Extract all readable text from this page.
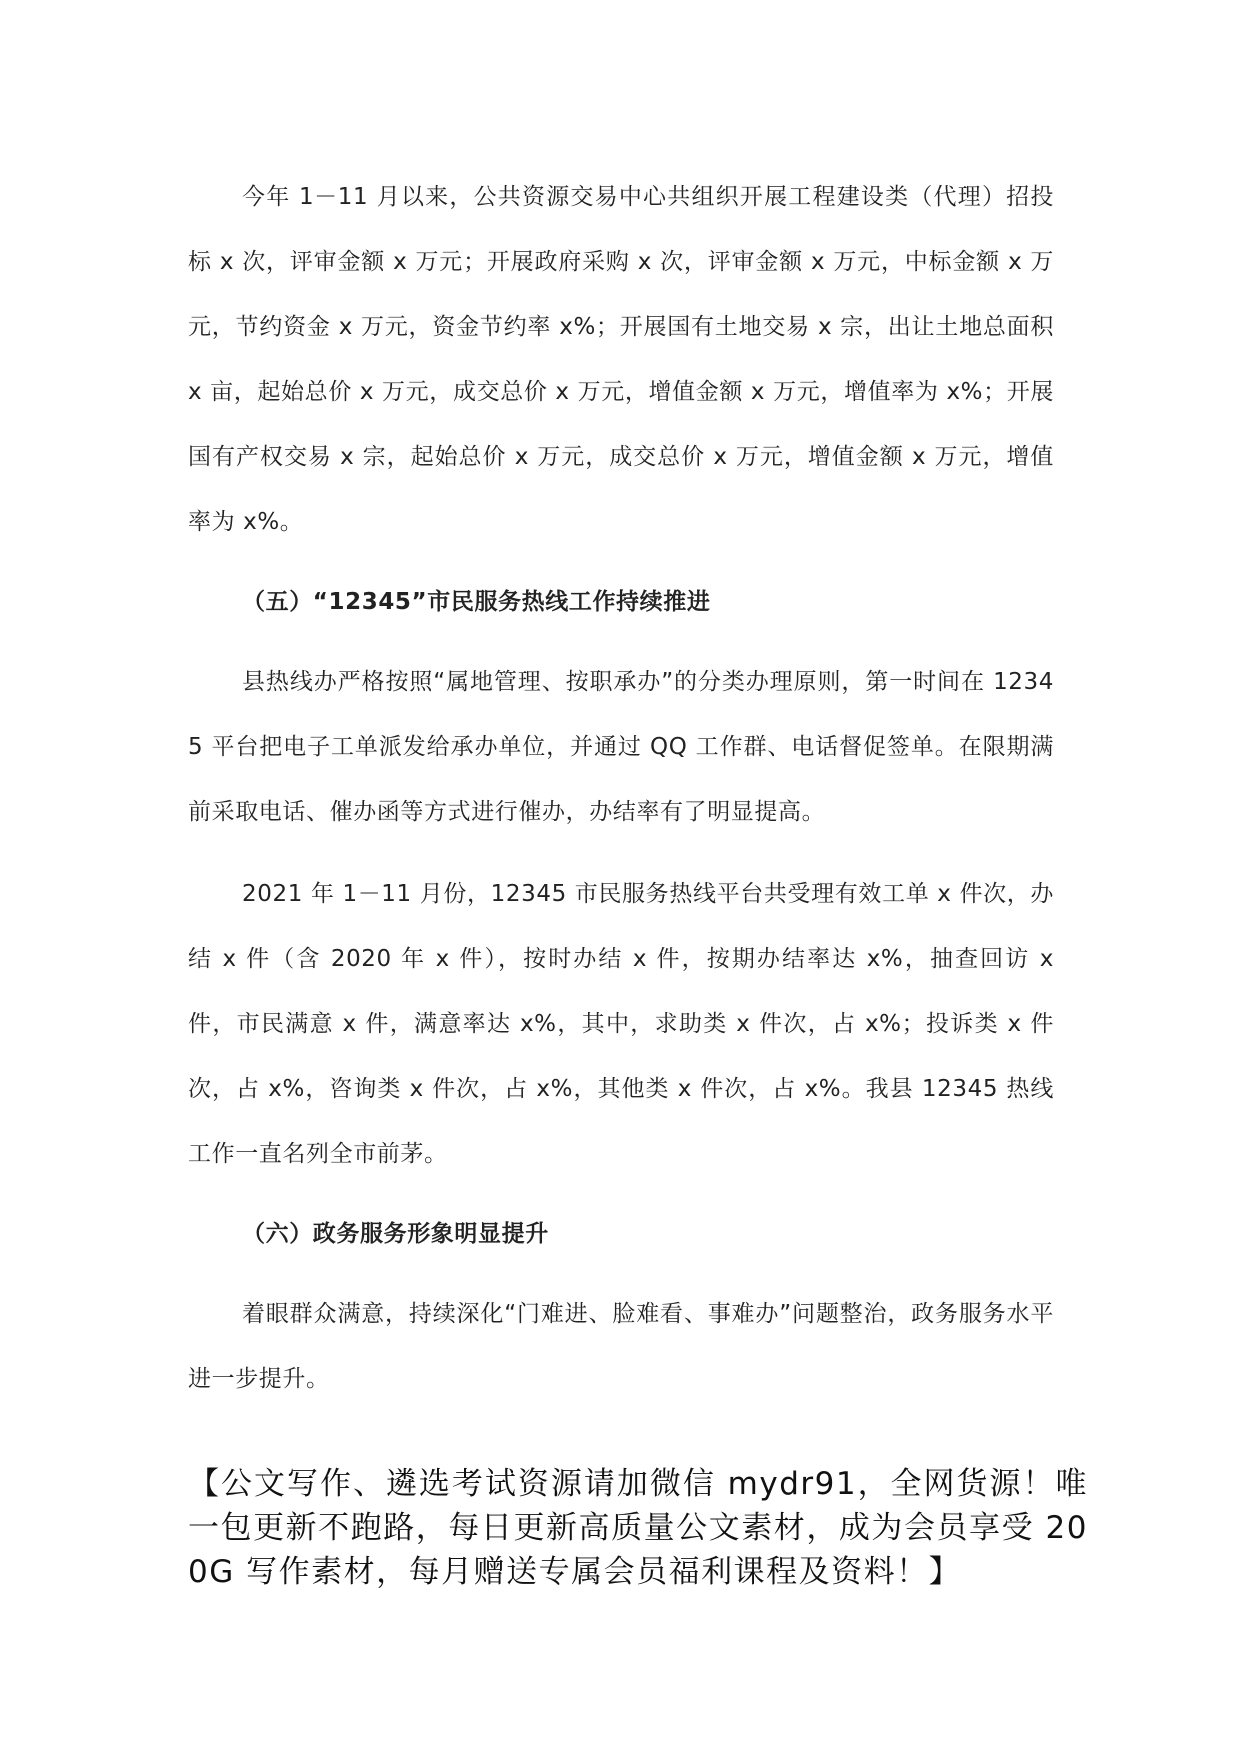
今年 1－11 月以来，公共资源交易中心共组织开展工程建设类（代理）招投标 x 次，评审金额 x 万元；开展政府采购 x 次，评审金额 x 万元，中标金额 x 万元，节约资金 x 万元，资金节约率 x%；开展国有土地交易 x 宗，出让土地总面积 x 亩，起始总价 x 万元，成交总价 x 万元，增值金额 x 万元，增值率为 x%；开展国有产权交易 x 宗，起始总价 x 万元，成交总价 x 万元，增值金额 x 万元，增值率为 x%。

（五）“12345”市民服务热线工作持续推进

县热线办严格按照“属地管理、按职承办”的分类办理原则，第一时间在 12345 平台把电子工单派发给承办单位，并通过 QQ 工作群、电话督促签单。在限期满前采取电话、催办函等方式进行催办，办结率有了明显提高。

2021 年 1－11 月份，12345 市民服务热线平台共受理有效工单 x 件次，办结 x 件（含 2020 年 x 件），按时办结 x 件，按期办结率达 x%，抽查回访 x 件，市民满意 x 件，满意率达 x%，其中，求助类 x 件次，占 x%；投诉类 x 件次，占 x%，咨询类 x 件次，占 x%，其他类 x 件次，占 x%。我县 12345 热线工作一直名列全市前茅。

（六）政务服务形象明显提升

着眼群众满意，持续深化“门难进、脸难看、事难办”问题整治，政务服务水平进一步提升。

【公文写作、遴选考试资源请加微信 mydr91，全网货源！唯一包更新不跑路，每日更新高质量公文素材，成为会员享受 200G 写作素材，每月赠送专属会员福利课程及资料！】
